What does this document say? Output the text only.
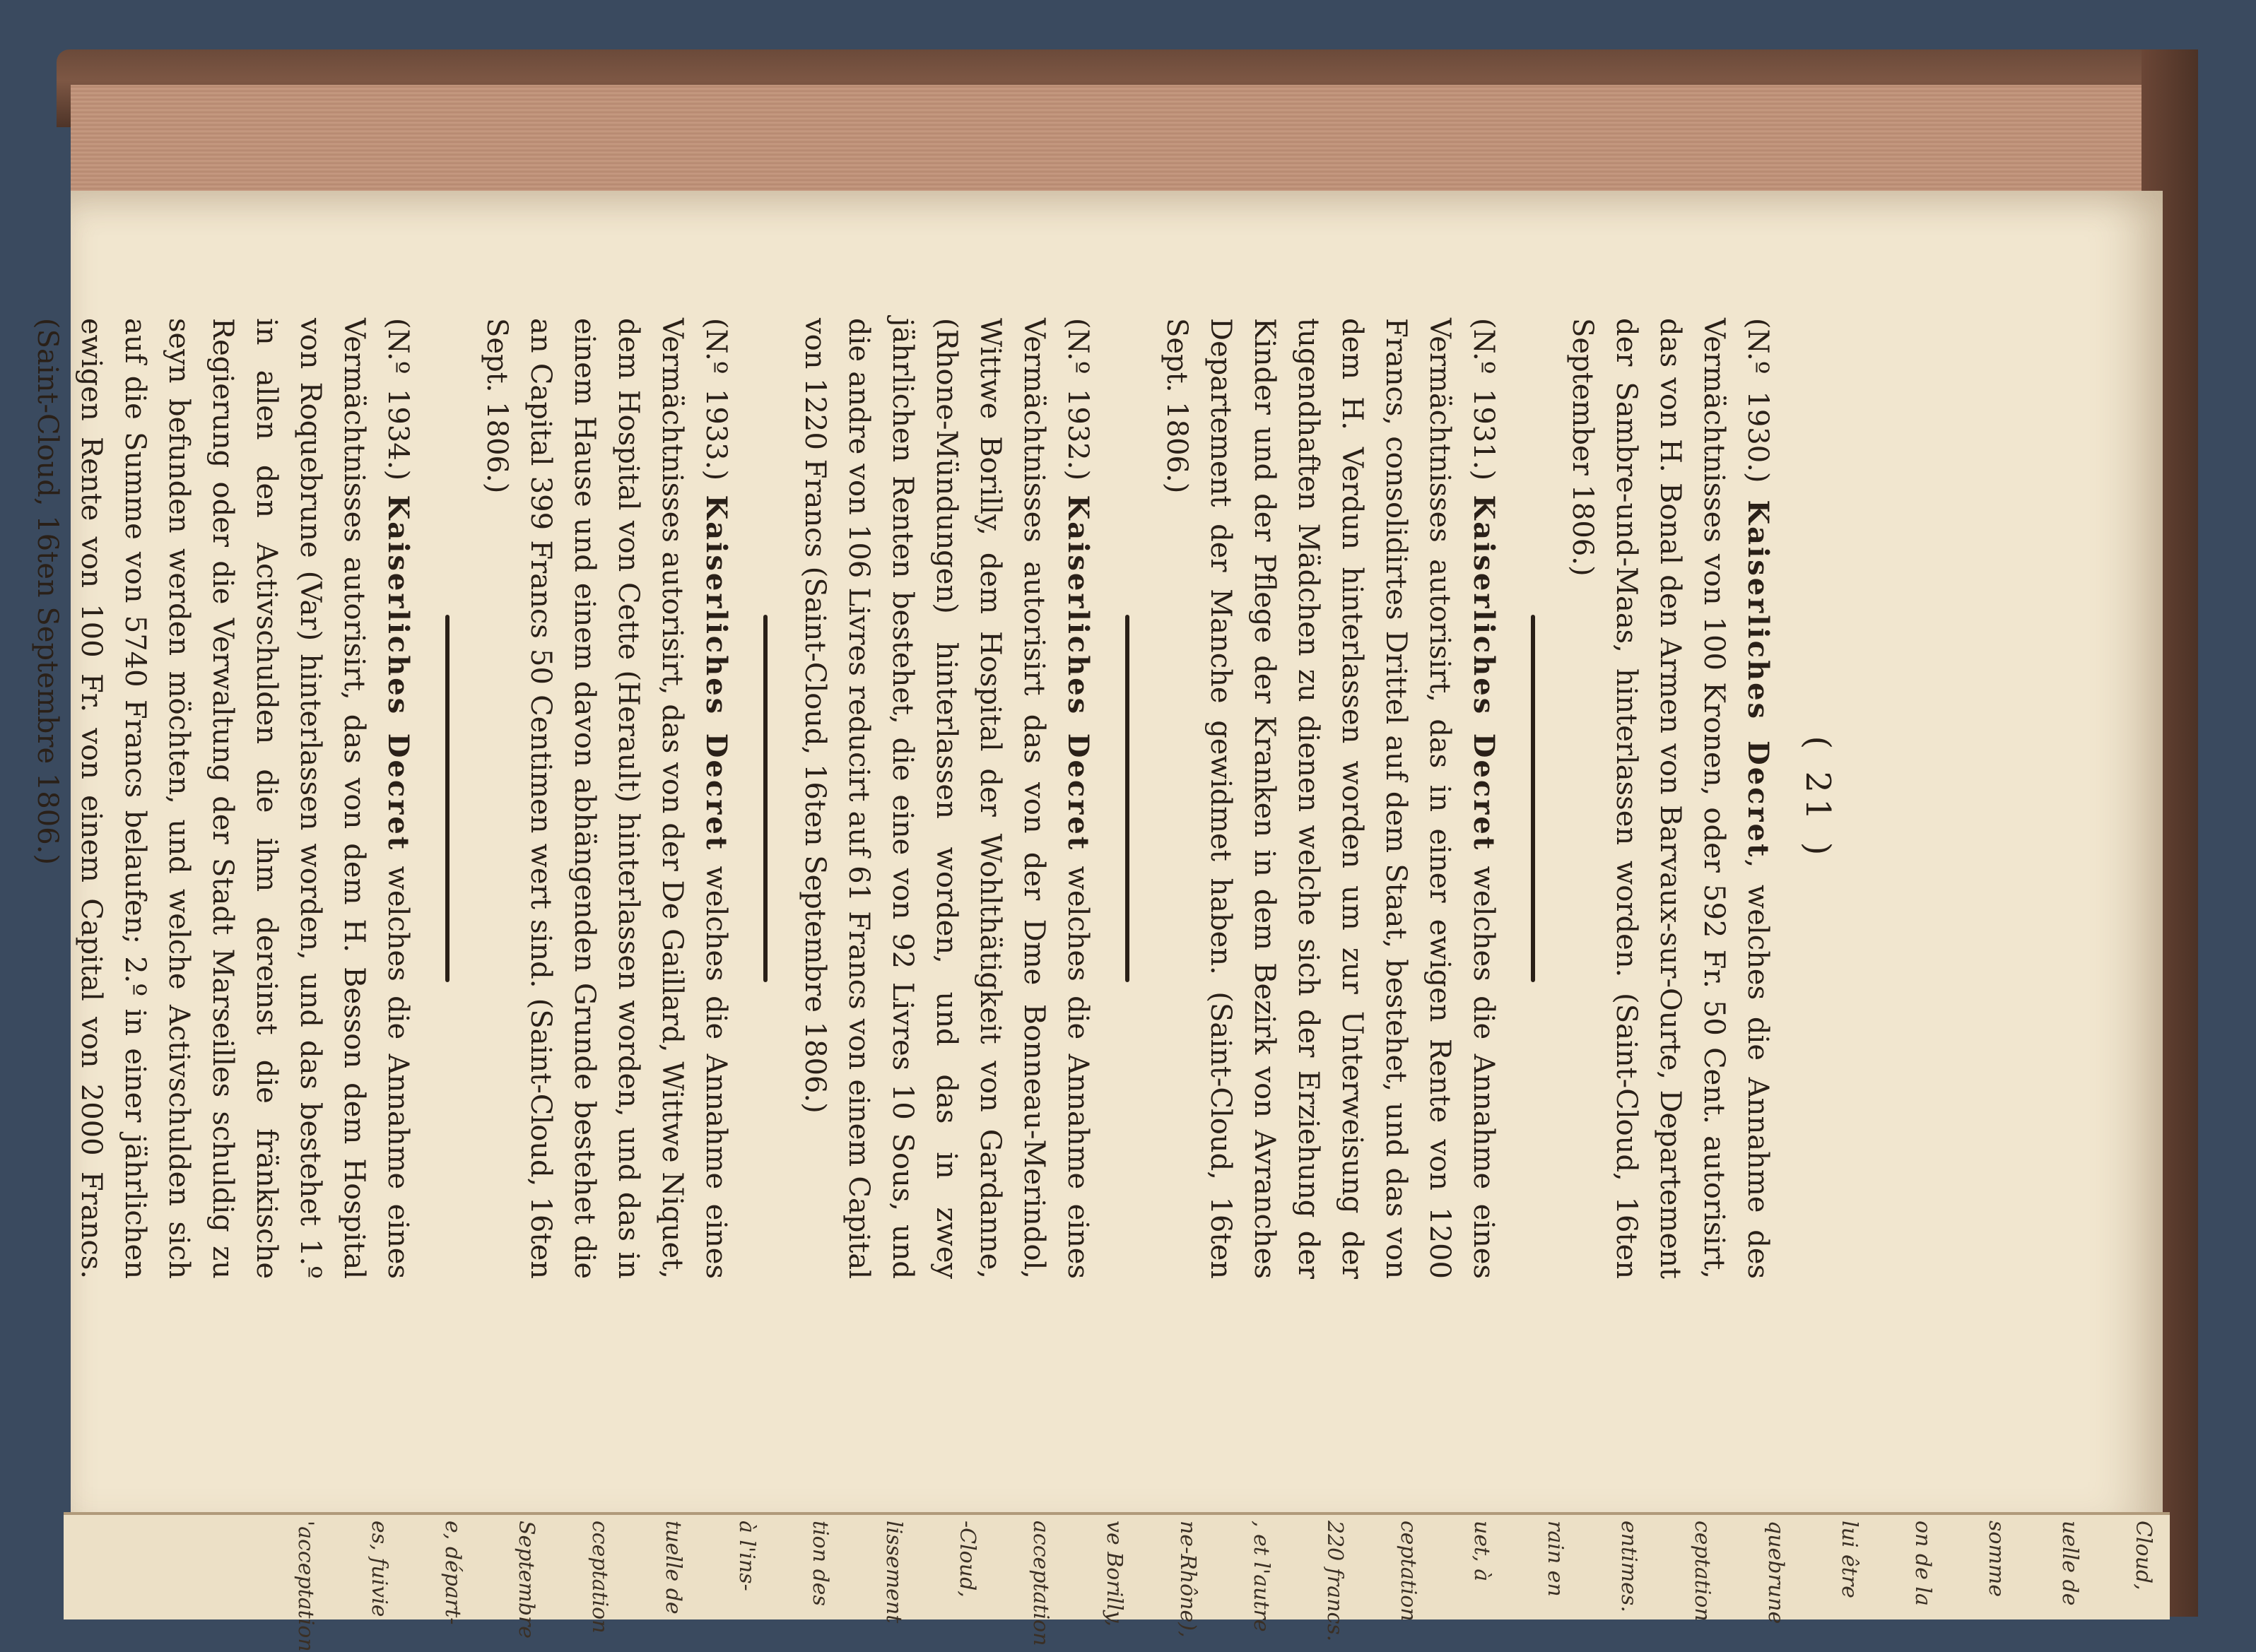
'acceptation es, fuivie e, départ- Septembre cceptation tuelle de à l'ins- tion des lissement -Cloud, acceptation ve Borilly, ne-Rhône), , et l'autre 220 francs. ceptation uet, à rain en entimes. ceptation quebrune lui être on de la somme uelle de Cloud,
( 21 )
(N.º 1930.) Kaiserliches Decret, welches die Annahme des Vermächtnisses von 100 Kronen, oder 592 Fr. 50 Cent. autorisirt, das von H. Bonal den Armen von Barvaux-sur-Ourte, Departement der Sambre-und-Maas, hinterlassen worden. (Saint-Cloud, 16ten September 1806.)
(N.º 1931.) Kaiserliches Decret welches die Annahme eines Vermächtnisses autorisirt, das in einer ewigen Rente von 1200 Francs, consolidirtes Drittel auf dem Staat, bestehet, und das von dem H. Verdun hinterlassen worden um zur Unterweisung der tugendhaften Mädchen zu dienen welche sich der Erziehung der Kinder und der Pflege der Kranken in dem Bezirk von Avranches Departement der Manche gewidmet haben. (Saint-Cloud, 16ten Sept. 1806.)
(N.º 1932.) Kaiserliches Decret welches die Annahme eines Vermächtnisses autorisirt das von der Dme Bonneau-Merindol, Wittwe Borilly, dem Hospital der Wohlthätigkeit von Gardanne, (Rhone-Mündungen) hinterlassen worden, und das in zwey jährlichen Renten bestehet, die eine von 92 Livres 10 Sous, und die andre von 106 Livres reducirt auf 61 Francs von einem Capital von 1220 Francs (Saint-Cloud, 16ten Septembre 1806.)
(N.º 1933.) Kaiserliches Decret welches die Annahme eines Vermächtnisses autorisirt, das von der De Gaillard, Wittwe Niquet, dem Hospital von Cette (Herault) hinterlassen worden, und das in einem Hause und einem davon abhängenden Grunde bestehet die an Capital 399 Francs 50 Centimen wert sind. (Saint-Cloud, 16ten Sept. 1806.)
(N.º 1934.) Kaiserliches Decret welches die Annahme eines Vermächtnisses autorisirt, das von dem H. Besson dem Hospital von Roquebrune (Var) hinterlassen worden, und das bestehet 1.º in allen den Activschulden die ihm dereinst die fränkische Regierung oder die Verwaltung der Stadt Marseilles schuldig zu seyn befunden werden möchten, und welche Activschulden sich auf die Summe von 5740 Francs belaufen; 2.º in einer jährlichen ewigen Rente von 100 Fr. von einem Capital von 2000 Francs. (Saint-Cloud, 16ten Septembre 1806.)
